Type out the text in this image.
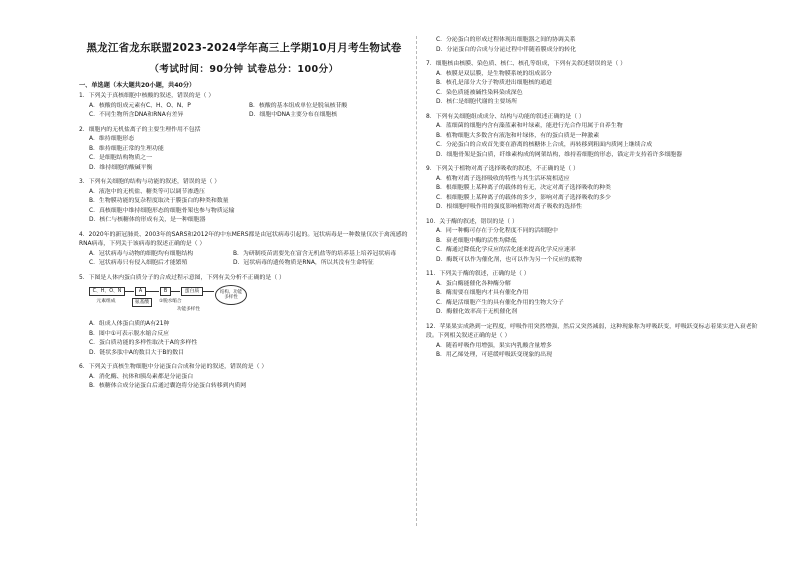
黑龙江省龙东联盟2023-2024学年高三上学期10月月考生物试卷
（考试时间：90分钟 试卷总分：100分）
一、单选题（本大题共20小题，共40分）
1．下列关于真核细胞中核酸的叙述，错误的是（ ）
A．核酸的组成元素有C、H、O、N、P	B．核酸的基本组成单位是脱氧核苷酸
C．不同生物所含DNA和RNA有差异	D．细胞中DNA主要分布在细胞核
2．细胞内的无机盐离子的主要生理作用不包括
A．维持细胞形态
B．维持细胞正常的生理功能
C．是细胞结构物质之一
D．维持细胞的酸碱平衡
3．下列有关细胞的结构与功能的叙述，错误的是（ ）
A．液泡中的无机盐、糖类等可以调节渗透压
B．生物膜功能的复杂程度取决于膜蛋白的种类和数量
C．真核细胞中维持细胞形态的细胞骨架也参与物质运输
D．核仁与核糖体的形成有关，是一种细胞器
4．2020年的新冠肺炎、2003年的SARS和2012年的中东MERS都是由冠状病毒引起的。冠状病毒是一种数量仅次于禽流感的RNA病毒，下列关于该病毒的叙述正确的是（ ）
A．冠状病毒与动物的细胞均有细胞结构	B．为研制疫苗需要先在富含无机盐等的培养基上培养冠状病毒
C．冠状病毒只有侵入细胞后才能繁殖	D．冠状病毒的遗传物质是RNA，所以其没有生命特征
5．下图是人体内蛋白质分子的合成过程示意图，下列有关分析不正确的是（ ）
C、H、O、N
元素组成
A
氨基酸
B
①脱水缩合
蛋白质
功能多样性
结构、功能
多样性
A．组成人体蛋白质的A有21种
B．图中①可表示脱水缩合反应
C．蛋白质功能的多样性取决于A的多样性
D．链状多肽中A的数目大于B的数目
6．下列关于真核生物细胞中分泌蛋白合成和分泌的叙述，错误的是（ ）
A．消化酶、抗体和胰岛素都是分泌蛋白
B．核糖体合成分泌蛋白后通过囊泡将分泌蛋白转移到内质网
C．分泌蛋白的形成过程体现出细胞器之间的协调关系
D．分泌蛋白的合成与分泌过程中伴随着膜成分的转化
7．细胞核由核膜、染色质、核仁、核孔等组成，下列有关叙述错误的是（ ）
A．核膜是双层膜，是生物膜系统的组成部分
B．核孔是部分大分子物质进出细胞核的通道
C．染色质能被碱性染料染成深色
D．核仁是细胞代谢的主要场所
8．下列有关细胞组成成分、结构与功能的叙述正确的是（ ）
A．蓝细菌的细胞内含有藻蓝素和叶绿素，能进行光合作用属于自养生物
B．植物细胞大多数含有液泡和叶绿体，有的蛋白质是一种激素
C．分泌蛋白的合成首先要在游离的核糖体上合成，再转移到粗面内质网上继续合成
D．细胞骨架是蛋白质，纤维素构成的网架结构，维持着细胞的形态，锚定并支持着许多细胞器
9．下列关于植物对离子选择吸收的叙述，不正确的是（ ）
A．植物对离子选择吸收的特性与其生活环境相适应
B．根细胞膜上某种离子的载体的有无，决定对离子选择吸收的种类
C．根细胞膜上某种离子的载体的多少，影响对离子选择吸收的多少
D．根细胞呼吸作用的强度影响植物对离子吸收的选择性
10．关于酶的叙述，错误的是（ ）
A．同一种酶可存在于分化程度不同的活细胞中
B．衰老细胞中酶的活性均降低
C．酶通过降低化学反应的活化能来提高化学反应速率
D．酶既可以作为催化剂，也可以作为另一个反应的底物
11．下列关于酶的叙述，正确的是（ ）
A．蛋白酶能催化各种酶分解
B．酶需要在细胞内才具有催化作用
C．酶是活细胞产生的具有催化作用的生物大分子
D．酶催化效率高于无机催化剂
12．苹果果实成熟到一定程度，呼吸作用突然增强，然后又突然减弱，这种现象称为呼吸跃变，呼吸跃变标志着果实进入衰老阶段。下列相关叙述正确的是（ ）
A．随着呼吸作用增强，果实内乳酸含量增多
B．用乙烯处理，可延缓呼吸跃变现象的出现
